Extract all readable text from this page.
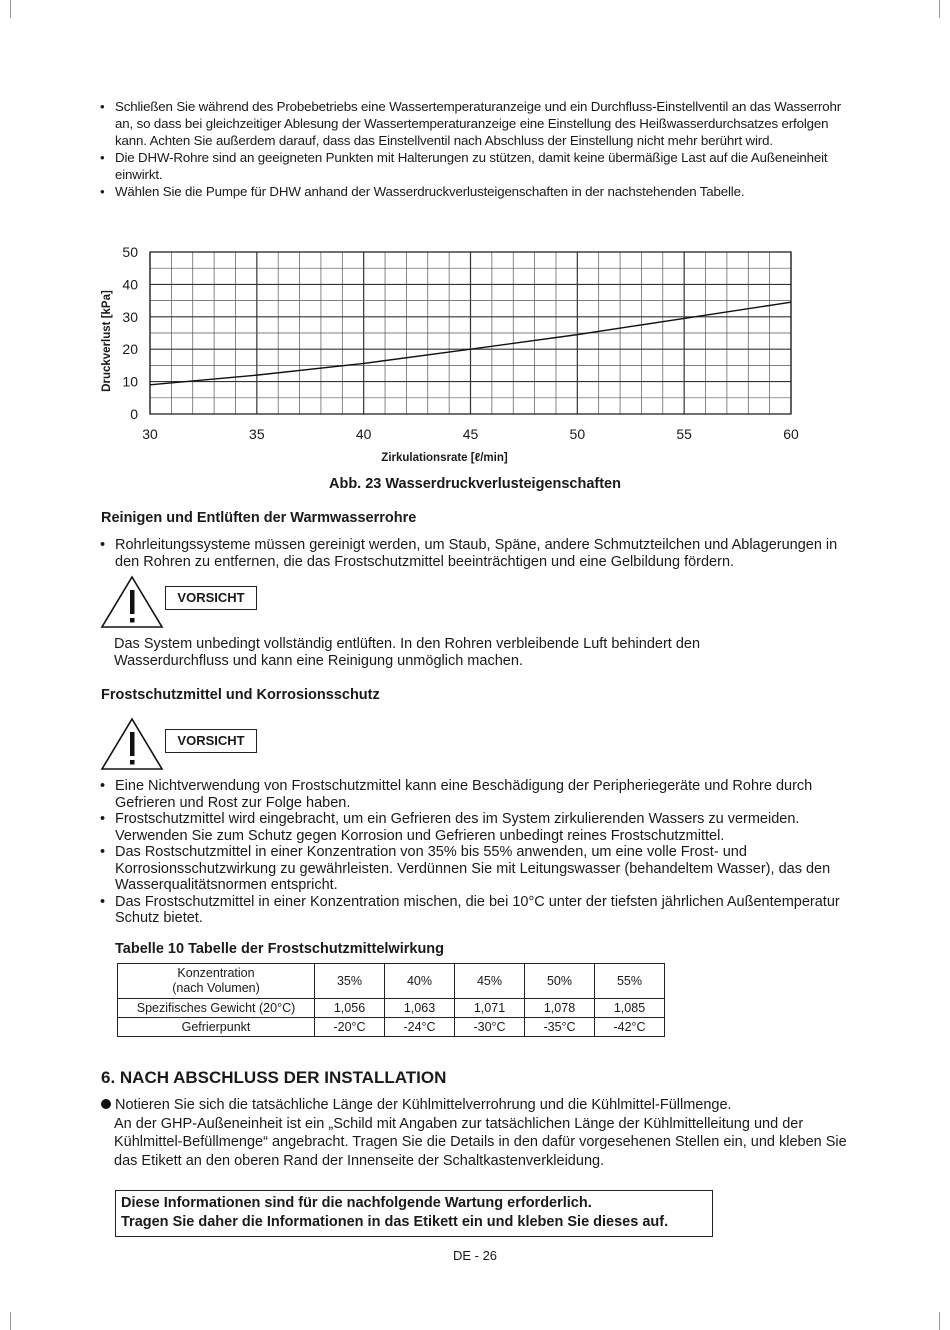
• Schließen Sie während des Probebetriebs eine Wassertemperaturanzeige und ein Durchfluss-Einstellventil an das Wasserrohr an, so dass bei gleichzeitiger Ablesung der Wassertemperaturanzeige eine Einstellung des Heißwasserdurchsatzes erfolgen kann. Achten Sie außerdem darauf, dass das Einstellventil nach Abschluss der Einstellung nicht mehr berührt wird.
• Die DHW-Rohre sind an geeigneten Punkten mit Halterungen zu stützen, damit keine übermäßige Last auf die Außeneinheit einwirkt.
• Wählen Sie die Pumpe für DHW anhand der Wasserdruckverlusteigenschaften in der nachstehenden Tabelle.
0
10
20
30
40
50
30	35	40	45	50	55	60
Zirkulationsrate [ℓ/min]
Druckverlust [kPa]
Abb. 23 Wasserdruckverlusteigenschaften
Reinigen und Entlüften der Warmwasserrohre
• Rohrleitungssysteme müssen gereinigt werden, um Staub, Späne, andere Schmutzteilchen und Ablagerungen in den Rohren zu entfernen, die das Frostschutzmittel beeinträchtigen und eine Gelbildung fördern.
VORSICHT
Das System unbedingt vollständig entlüften. In den Rohren verbleibende Luft behindert den Wasserdurchfluss und kann eine Reinigung unmöglich machen.
Frostschutzmittel und Korrosionsschutz
VORSICHT
• Eine Nichtverwendung von Frostschutzmittel kann eine Beschädigung der Peripheriegeräte und Rohre durch Gefrieren und Rost zur Folge haben.
• Frostschutzmittel wird eingebracht, um ein Gefrieren des im System zirkulierenden Wassers zu vermeiden. Verwenden Sie zum Schutz gegen Korrosion und Gefrieren unbedingt reines Frostschutzmittel.
• Das Rostschutzmittel in einer Konzentration von 35% bis 55% anwenden, um eine volle Frost- und Korrosionsschutzwirkung zu gewährleisten. Verdünnen Sie mit Leitungswasser (behandeltem Wasser), das den Wasserqualitätsnormen entspricht.
• Das Frostschutzmittel in einer Konzentration mischen, die bei 10°C unter der tiefsten jährlichen Außentemperatur Schutz bietet.
Tabelle 10 Tabelle der Frostschutzmittelwirkung
Konzentration
(nach Volumen)	35%	40%	45%	50%	55%
Spezifisches Gewicht (20°C)	1,056	1,063	1,071	1,078	1,085
Gefrierpunkt	-20°C	-24°C	-30°C	-35°C	-42°C
6. NACH ABSCHLUSS DER INSTALLATION
Notieren Sie sich die tatsächliche Länge der Kühlmittelverrohrung und die Kühlmittel-Füllmenge.
An der GHP-Außeneinheit ist ein „Schild mit Angaben zur tatsächlichen Länge der Kühlmittelleitung und der Kühlmittel-Befüllmenge“ angebracht. Tragen Sie die Details in den dafür vorgesehenen Stellen ein, und kleben Sie das Etikett an den oberen Rand der Innenseite der Schaltkastenverkleidung.
Diese Informationen sind für die nachfolgende Wartung erforderlich.
Tragen Sie daher die Informationen in das Etikett ein und kleben Sie dieses auf.
DE - 26
